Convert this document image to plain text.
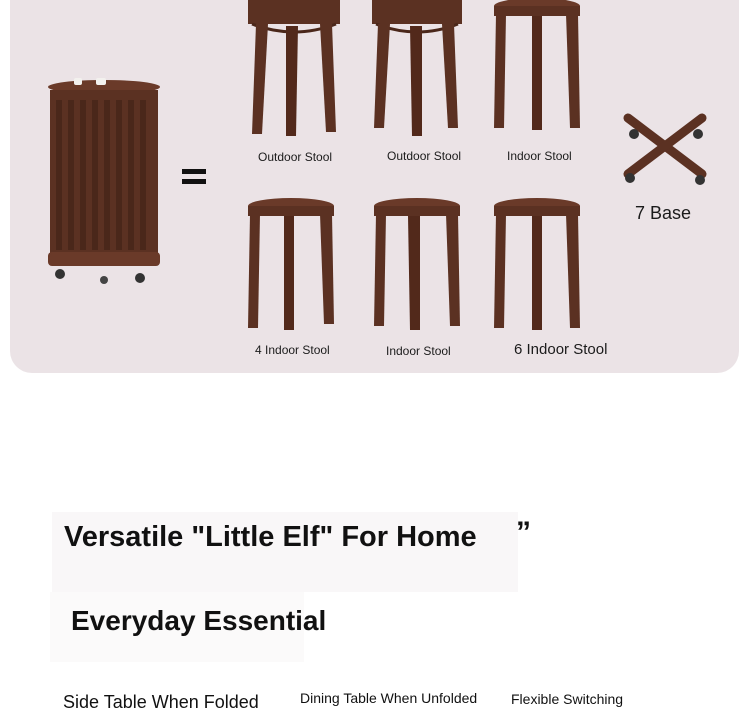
Outdoor Stool	Outdoor Stool	Indoor Stool
7 Base
4 Indoor Stool	Indoor Stool	6 Indoor Stool
Versatile "Little Elf" For Home ”
Everyday Essential
Side Table When Folded	Dining Table When Unfolded Flexible Switching
